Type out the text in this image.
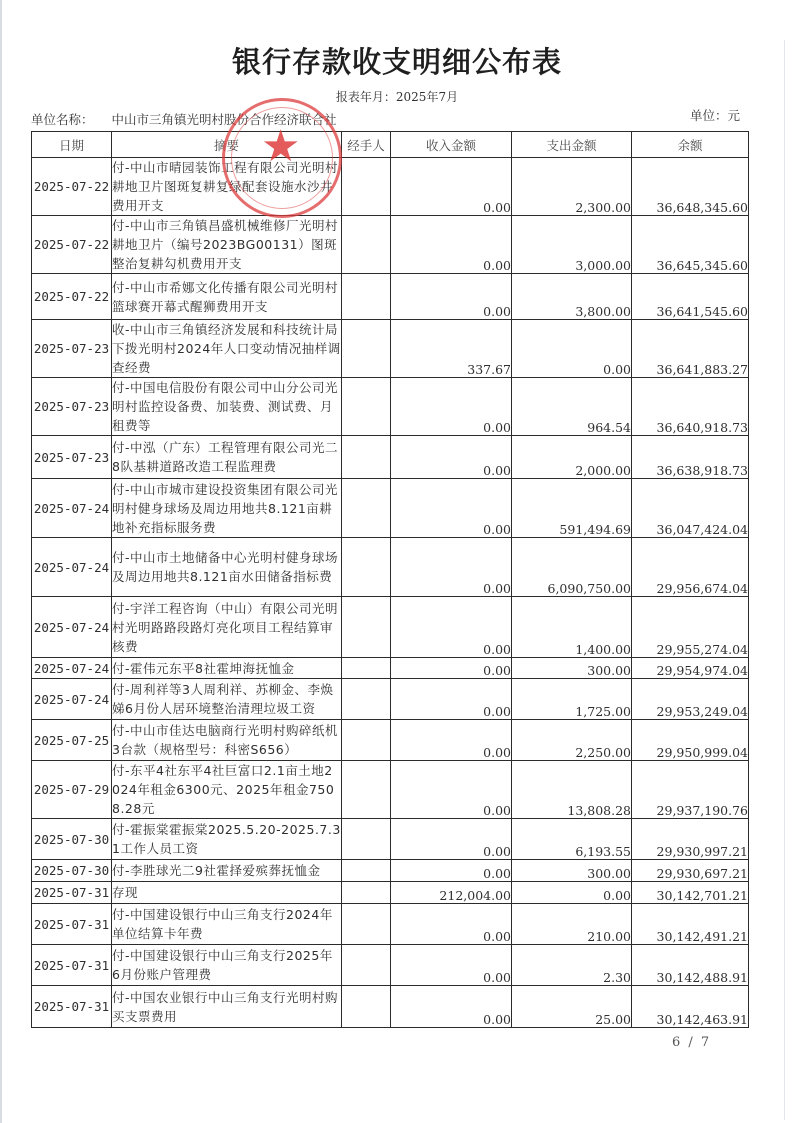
银行存款收支明细公布表
报表年月：2025年7月
单位名称： 中山市三角镇光明村股份合作经济联合社	单位：元
日期	摘要	经手人	收入金额	支出金额	余额
2025-07-22	付-中山市晴园装饰工程有限公司光明村耕地卫片图斑复耕复绿配套设施水沙井费用开支		0.00	2,300.00	36,648,345.60
2025-07-22	付-中山市三角镇昌盛机械维修厂光明村耕地卫片（编号2023BG00131）图斑整治复耕勾机费用开支		0.00	3,000.00	36,645,345.60
2025-07-22	付-中山市希娜文化传播有限公司光明村篮球赛开幕式醒狮费用开支		0.00	3,800.00	36,641,545.60
2025-07-23	收-中山市三角镇经济发展和科技统计局下拨光明村2024年人口变动情况抽样调查经费		337.67	0.00	36,641,883.27
2025-07-23	付-中国电信股份有限公司中山分公司光明村监控设备费、加装费、测试费、月租费等		0.00	964.54	36,640,918.73
2025-07-23	付-中泓（广东）工程管理有限公司光二8队基耕道路改造工程监理费		0.00	2,000.00	36,638,918.73
2025-07-24	付-中山市城市建设投资集团有限公司光明村健身球场及周边用地共8.121亩耕地补充指标服务费		0.00	591,494.69	36,047,424.04
2025-07-24	付-中山市土地储备中心光明村健身球场及周边用地共8.121亩水田储备指标费		0.00	6,090,750.00	29,956,674.04
2025-07-24	付-宇洋工程咨询（中山）有限公司光明村光明路路段路灯亮化项目工程结算审核费		0.00	1,400.00	29,955,274.04
2025-07-24	付-霍伟元东平8社霍坤海抚恤金		0.00	300.00	29,954,974.04
2025-07-24	付-周利祥等3人周利祥、苏柳金、李焕娣6月份人居环境整治清理垃圾工资		0.00	1,725.00	29,953,249.04
2025-07-25	付-中山市佳达电脑商行光明村购碎纸机3台款（规格型号：科密S656）		0.00	2,250.00	29,950,999.04
2025-07-29	付-东平4社东平4社巨富口2.1亩土地2024年租金6300元、2025年租金7508.28元		0.00	13,808.28	29,937,190.76
2025-07-30	付-霍振棠霍振棠2025.5.20-2025.7.31工作人员工资		0.00	6,193.55	29,930,997.21
2025-07-30	付-李胜球光二9社霍择爱殡葬抚恤金		0.00	300.00	29,930,697.21
2025-07-31	存现		212,004.00	0.00	30,142,701.21
2025-07-31	付-中国建设银行中山三角支行2024年单位结算卡年费		0.00	210.00	30,142,491.21
2025-07-31	付-中国建设银行中山三角支行2025年6月份账户管理费		0.00	2.30	30,142,488.91
2025-07-31	付-中国农业银行中山三角支行光明村购买支票费用		0.00	25.00	30,142,463.91
★
6 / 7
